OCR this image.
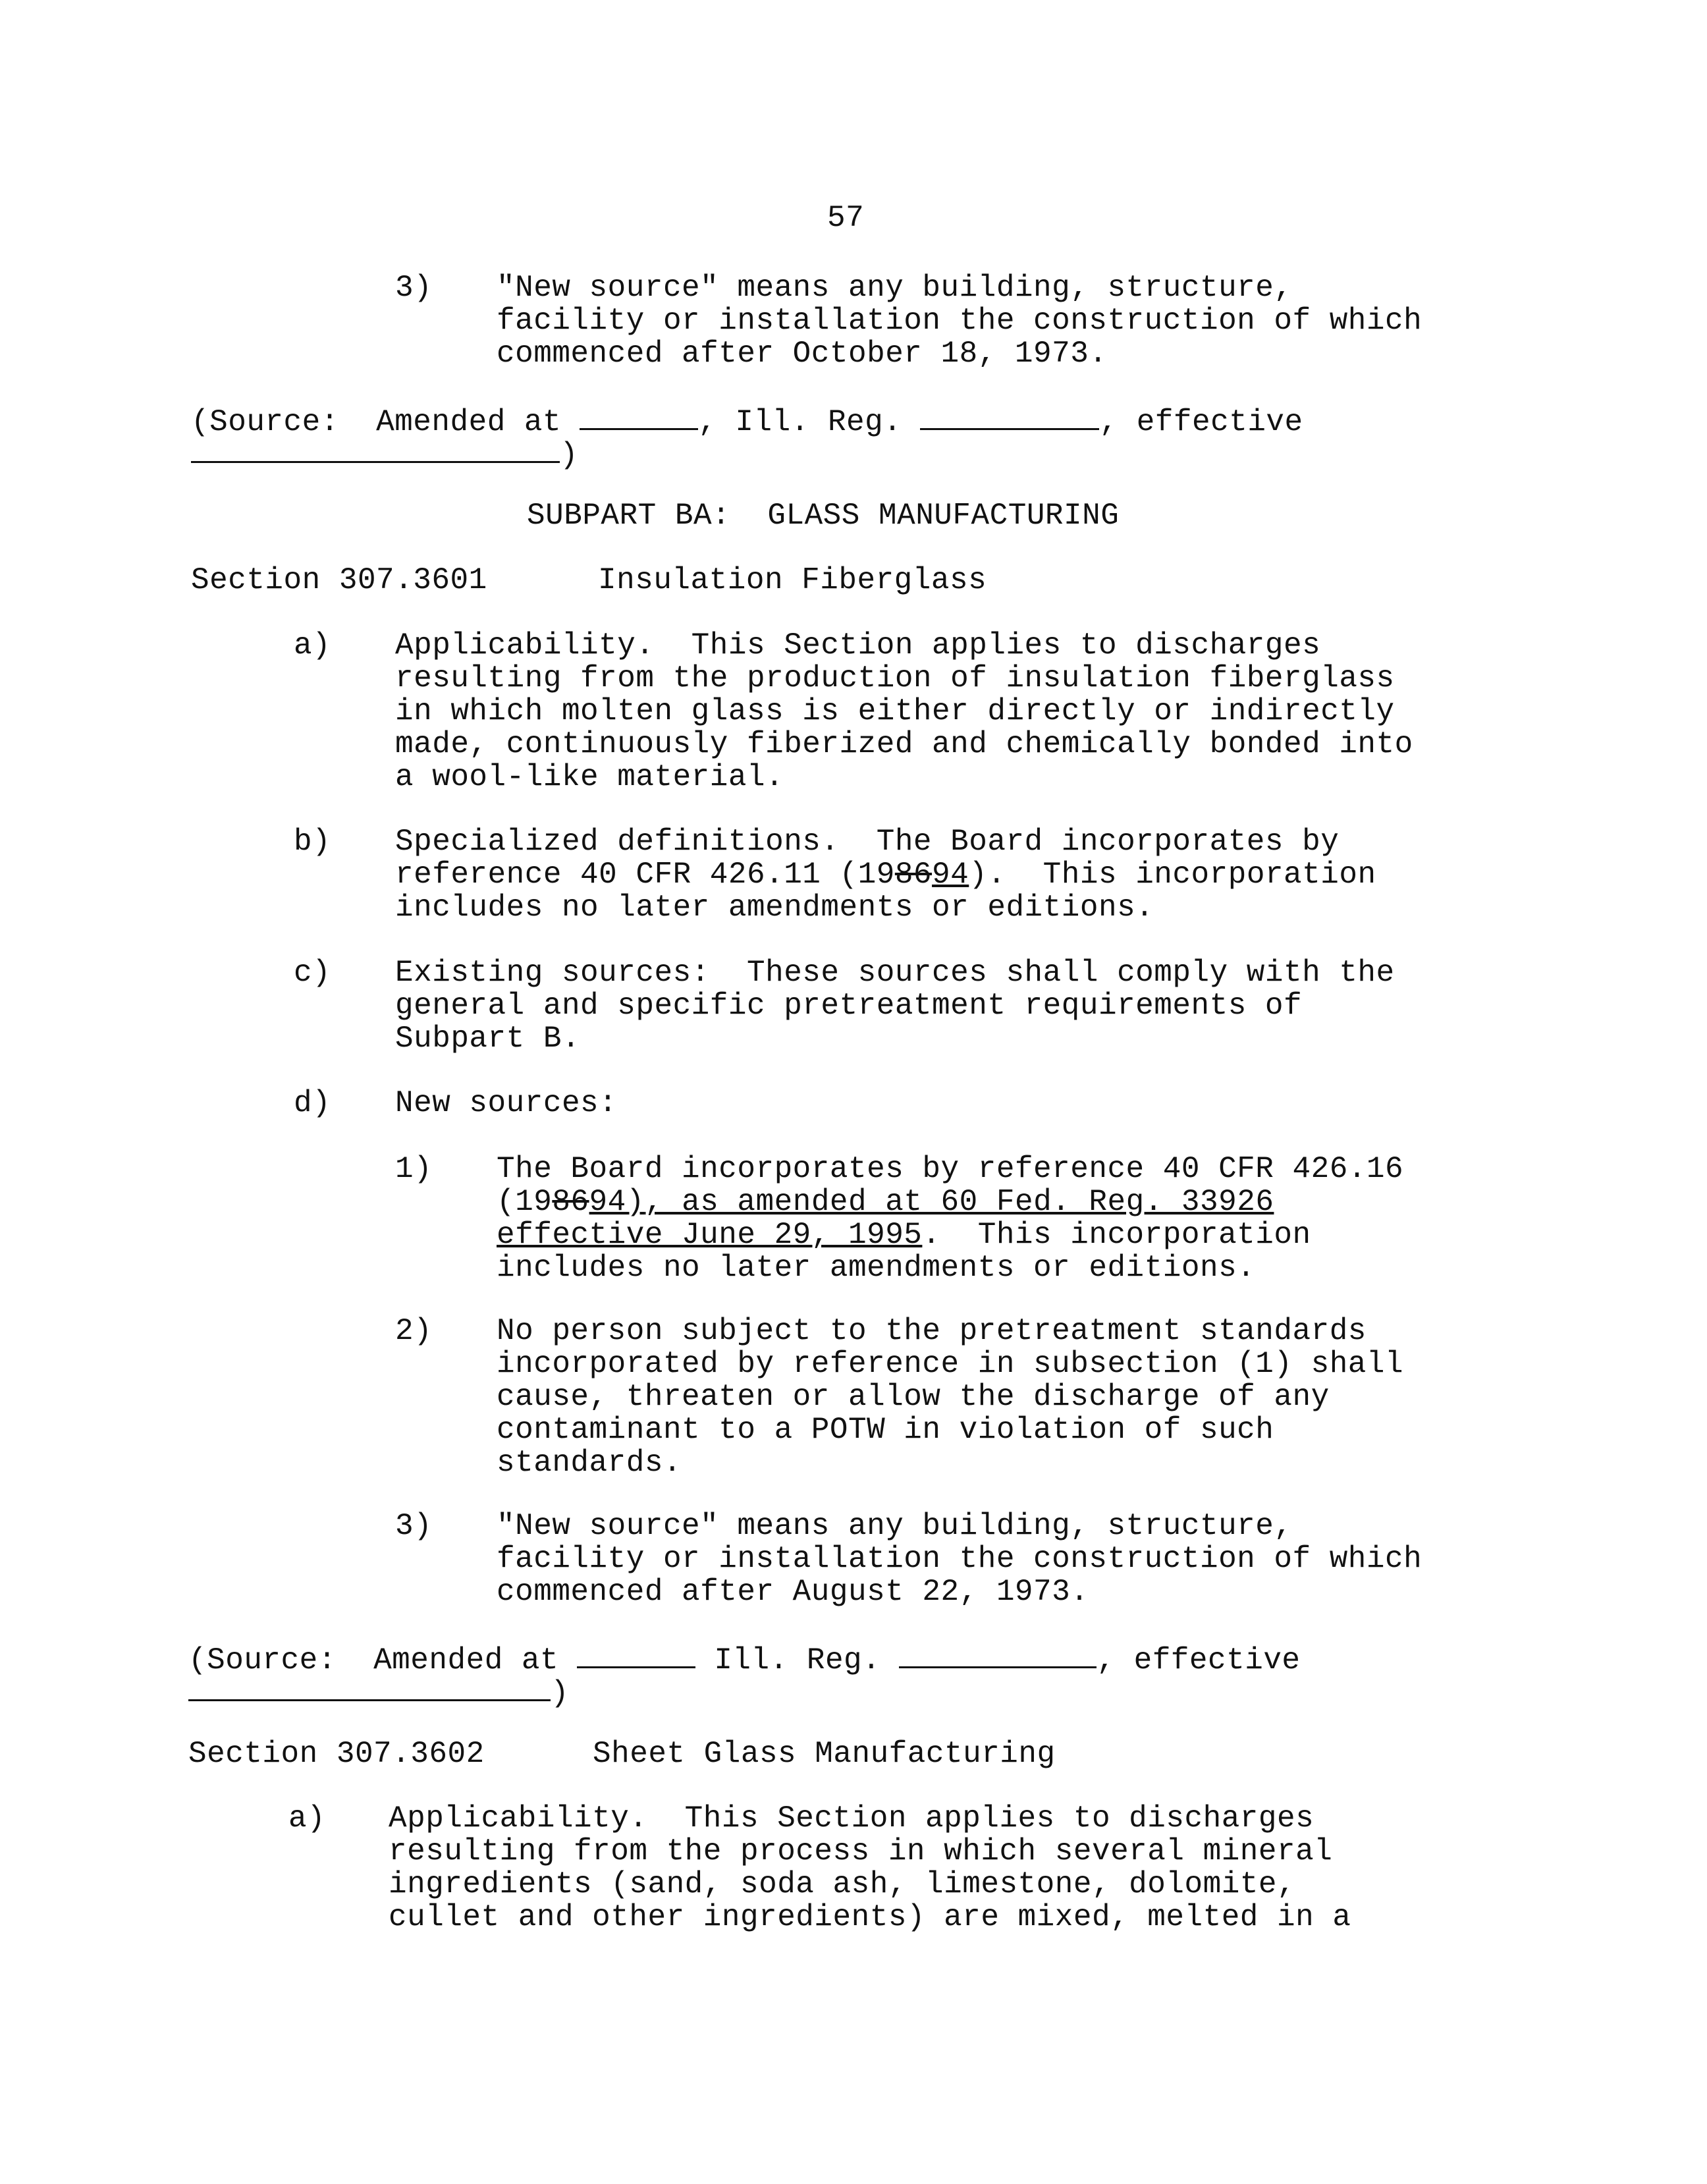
57
3) "New source" means any building, structure,
facility or installation the construction of which
commenced after October 18, 1973.
(Source: Amended at	, Ill. Reg.	, effective
)
SUBPART BA:  GLASS MANUFACTURING
Section 307.3601	Insulation Fiberglass
a) Applicability.  This Section applies to discharges
resulting from the production of insulation fiberglass
in which molten glass is either directly or indirectly
made, continuously fiberized and chemically bonded into
a wool-like material.
b) Specialized definitions.  The Board incorporates by
reference 40 CFR 426.11 (198694).  This incorporation
includes no later amendments or editions.
c) Existing sources:  These sources shall comply with the
general and specific pretreatment requirements of
Subpart B.
d) New sources:
1) The Board incorporates by reference 40 CFR 426.16
(198694), as amended at 60 Fed. Reg. 33926
effective June 29, 1995.  This incorporation
includes no later amendments or editions.
2) No person subject to the pretreatment standards
incorporated by reference in subsection (1) shall
cause, threaten or allow the discharge of any
contaminant to a POTW in violation of such
standards.
3) "New source" means any building, structure,
facility or installation the construction of which
commenced after August 22, 1973.
(Source: Amended at	Ill. Reg.	, effective
)
Section 307.3602	Sheet Glass Manufacturing
a) Applicability.  This Section applies to discharges
resulting from the process in which several mineral
ingredients (sand, soda ash, limestone, dolomite,
cullet and other ingredients) are mixed, melted in a
